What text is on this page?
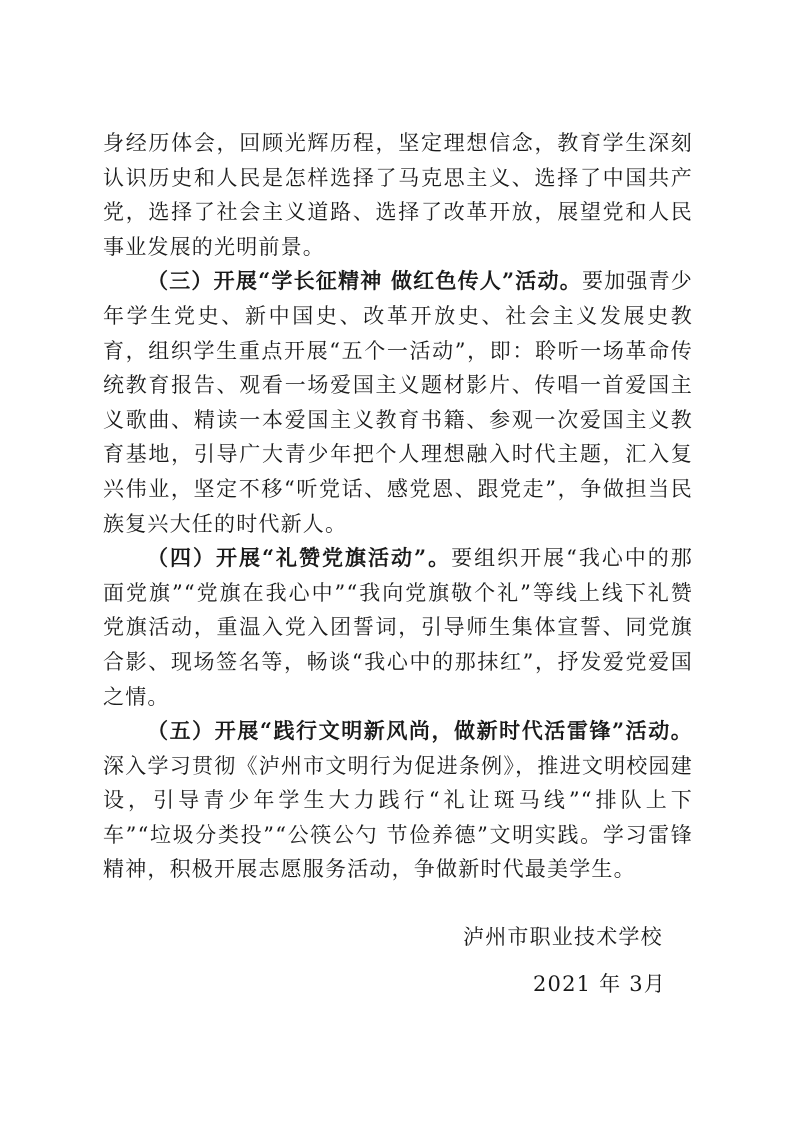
身经历体会，回顾光辉历程，坚定理想信念，教育学生深刻认识历史和人民是怎样选择了马克思主义、选择了中国共产党，选择了社会主义道路、选择了改革开放，展望党和人民事业发展的光明前景。

（三）开展“学长征精神 做红色传人”活动。要加强青少年学生党史、新中国史、改革开放史、社会主义发展史教育，组织学生重点开展“五个一活动”，即：聆听一场革命传统教育报告、观看一场爱国主义题材影片、传唱一首爱国主义歌曲、精读一本爱国主义教育书籍、参观一次爱国主义教育基地，引导广大青少年把个人理想融入时代主题，汇入复兴伟业，坚定不移“听党话、感党恩、跟党走”，争做担当民族复兴大任的时代新人。

（四）开展“礼赞党旗活动”。要组织开展“我心中的那面党旗”“党旗在我心中”“我向党旗敬个礼”等线上线下礼赞党旗活动，重温入党入团誓词，引导师生集体宣誓、同党旗合影、现场签名等，畅谈“我心中的那抹红”，抒发爱党爱国之情。

（五）开展“践行文明新风尚，做新时代活雷锋”活动。深入学习贯彻《泸州市文明行为促进条例》，推进文明校园建设，引导青少年学生大力践行“礼让斑马线”“排队上下车”“垃圾分类投”“公筷公勺 节俭养德”文明实践。学习雷锋精神，积极开展志愿服务活动，争做新时代最美学生。

泸州市职业技术学校
2021 年 3月
